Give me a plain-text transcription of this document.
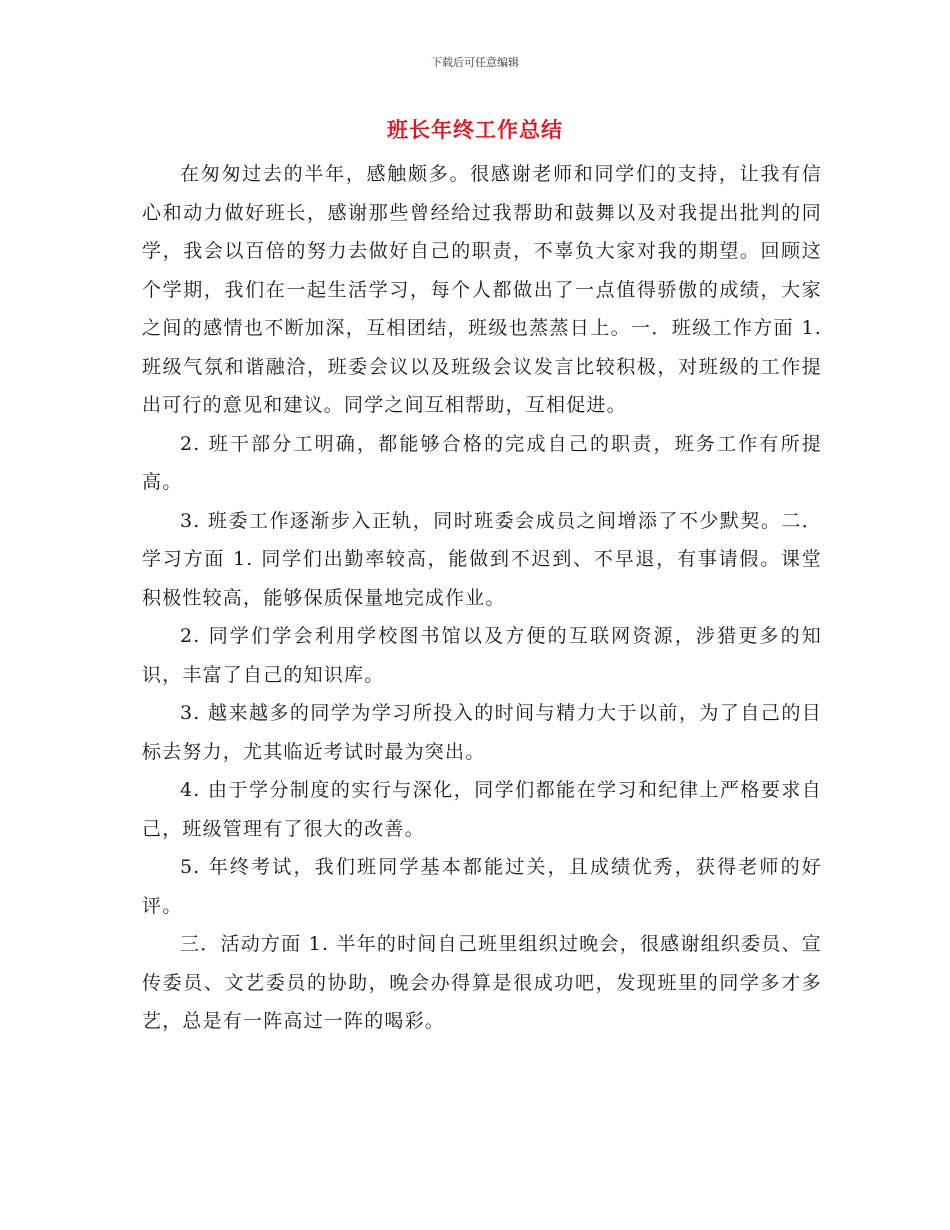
下载后可任意编辑
班长年终工作总结

在匆匆过去的半年，感触颇多。很感谢老师和同学们的支持，让我有信心和动力做好班长，感谢那些曾经给过我帮助和鼓舞以及对我提出批判的同学，我会以百倍的努力去做好自己的职责，不辜负大家对我的期望。回顾这个学期，我们在一起生活学习，每个人都做出了一点值得骄傲的成绩，大家之间的感情也不断加深，互相团结，班级也蒸蒸日上。一．班级工作方面 1. 班级气氛和谐融洽，班委会议以及班级会议发言比较积极，对班级的工作提出可行的意见和建议。同学之间互相帮助，互相促进。

2. 班干部分工明确，都能够合格的完成自己的职责，班务工作有所提高。

3. 班委工作逐渐步入正轨，同时班委会成员之间增添了不少默契。二．学习方面 1. 同学们出勤率较高，能做到不迟到、不早退，有事请假。课堂积极性较高，能够保质保量地完成作业。

2. 同学们学会利用学校图书馆以及方便的互联网资源，涉猎更多的知识，丰富了自己的知识库。

3. 越来越多的同学为学习所投入的时间与精力大于以前，为了自己的目标去努力，尤其临近考试时最为突出。

4. 由于学分制度的实行与深化，同学们都能在学习和纪律上严格要求自己，班级管理有了很大的改善。

5. 年终考试，我们班同学基本都能过关，且成绩优秀，获得老师的好评。

三．活动方面 1. 半年的时间自己班里组织过晚会，很感谢组织委员、宣传委员、文艺委员的协助，晚会办得算是很成功吧，发现班里的同学多才多艺，总是有一阵高过一阵的喝彩。
